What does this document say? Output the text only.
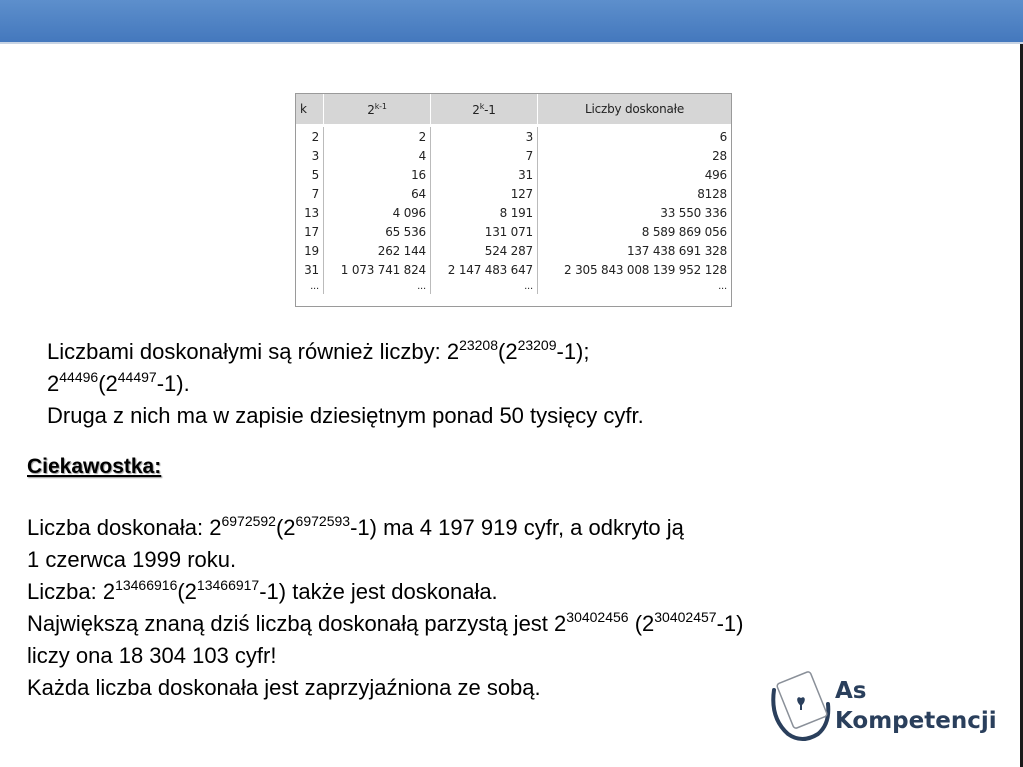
k	2$^{k-1}$	2$^k$-1	Liczby doskonałe
2	2	3	6
3	4	7	28
5	16	31	496
7	64	127	8128
13	4 096	8 191	33 550 336
17	65 536	131 071	8 589 869 056
19	262 144	524 287	137 438 691 328
31	1 073 741 824	2 147 483 647	2 305 843 008 139 952 128
...	...	...	...
Liczbami doskonałymi są również liczby: $2^{23208}(2^{23209}-1)$;
$2^{44496}(2^{44497}-1)$.
Druga z nich ma w zapisie dziesiętnym ponad 50 tysięcy cyfr.
Ciekawostka:
Liczba doskonała: $2^{6972592}(2^{6972593}-1)$ ma 4 197 919 cyfr, a odkryto ją
1 czerwca 1999 roku.
Liczba: $2^{13466916}(2^{13466917}-1)$ także jest doskonała.
Największą znaną dziś liczbą doskonałą parzystą jest $2^{30402456}$ $(2^{30402457}-1)$
liczy ona 18 304 103 cyfr!
Każda liczba doskonała jest zaprzyjaźniona ze sobą.	As
Kompetencji
